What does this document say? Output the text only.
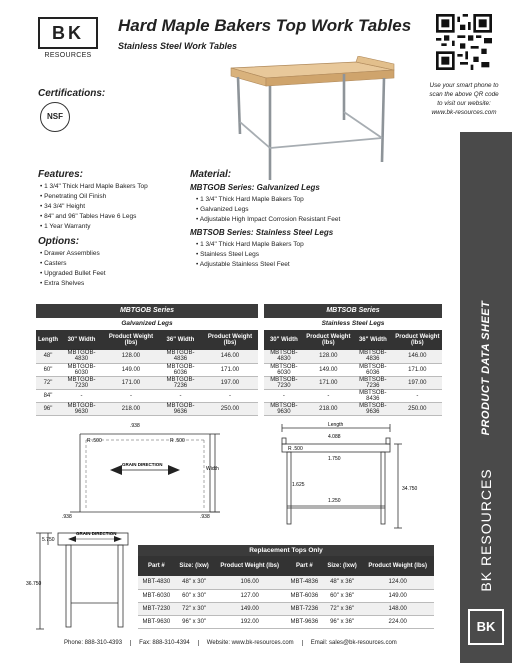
BK
RESOURCES
Hard Maple Bakers Top Work Tables
Stainless Steel Work Tables
Use your smart phone to scan the above QR code to visit our website: www.bk-resources.com
Certifications:
NSF
Features:
• 1 3/4" Thick Hard Maple Bakers Top
• Penetrating Oil Finish
• 34 3/4" Height
• 84" and 96" Tables Have 6 Legs
• 1 Year Warranty
Options:
• Drawer Assemblies
• Casters
• Upgraded Bullet Feet
• Extra Shelves
Material:
MBTGOB Series: Galvanized Legs
• 1 3/4" Thick Hard Maple Bakers Top
• Galvanized Legs
• Adjustable High Impact Corrosion Resistant Feet
MBTSOB Series: Stainless Steel Legs
• 1 3/4" Thick Hard Maple Bakers Top
• Stainless Steel Legs
• Adjustable Stainless Steel Feet
PRODUCT DATA SHEET
BK RESOURCES
BK
MBTGOB Series
Galvanized Legs
Length	30" Width	Product Weight (lbs)	36" Width	Product Weight (lbs)
48"	MBTGOB-4830	128.00	MBTGOB-4836	146.00
60"	MBTGOB-6030	149.00	MBTGOB-6036	171.00
72"	MBTGOB-7230	171.00	MBTGOB-7236	197.00
84"	-	-	-	-
96"	MBTGOB-9630	218.00	MBTGOB-9636	250.00
MBTSOB Series
Stainless Steel Legs
30" Width	Product Weight (lbs)	36" Width	Product Weight (lbs)
MBTSOB-4830	128.00	MBTSOB-4836	146.00
MBTSOB-6030	149.00	MBTSOB-6036	171.00
MBTSOB-7230	171.00	MBTSOB-7236	197.00
-	-	MBTSOB-8436	-
MBTSOB-9630	218.00	MBTSOB-9636	250.00
.938
R .500	R .500
GRAIN DIRECTION
Width
.938	.938
Length
4.088
R .500
1.750
1.625
1.250
34.750
GRAIN DIRECTION
5.750
36.750
Replacement Tops Only
Part #	Size: (lxw)	Product Weight (lbs)	Part #	Size: (lxw)	Product Weight (lbs)
MBT-4830	48" x 30"	106.00	MBT-4836	48" x 36"	124.00
MBT-6030	60" x 30"	127.00	MBT-6036	60" x 36"	149.00
MBT-7230	72" x 30"	149.00	MBT-7236	72" x 36"	148.00
MBT-9630	96" x 30"	192.00	MBT-9636	96" x 36"	224.00
Phone: 888-310-4393	Fax: 888-310-4394	Website: www.bk-resources.com	Email: sales@bk-resources.com
